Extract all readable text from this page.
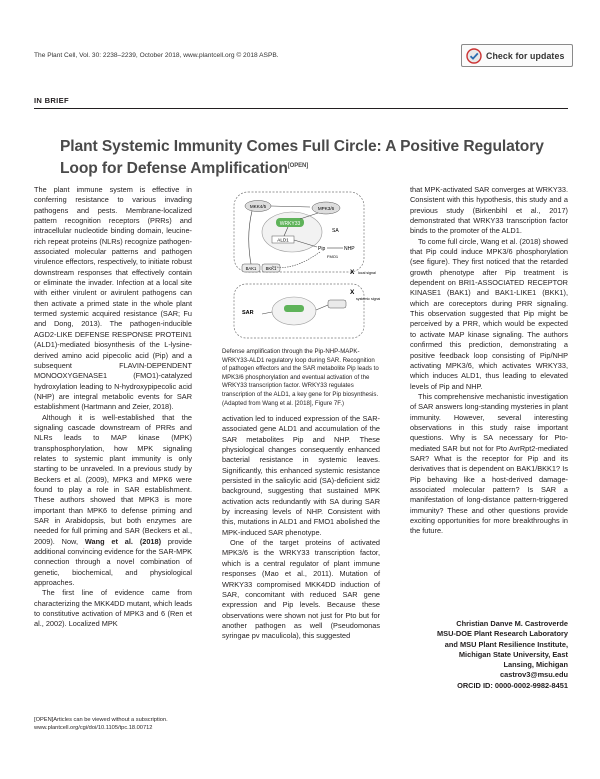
The Plant Cell, Vol. 30: 2238–2239, October 2018, www.plantcell.org © 2018 ASPB.	Check for updates
IN BRIEF
Plant Systemic Immunity Comes Full Circle: A Positive Regulatory Loop for Defense Amplification[OPEN]

The plant immune system is effective in conferring resistance to various invading pathogens and pests. Membrane-localized pattern recognition receptors (PRRs) and intracellular nucleotide binding domain, leucine-rich repeat proteins (NLRs) recognize pathogen-associated molecular patterns and pathogen virulence effectors, respectively, to initiate robust downstream responses that effectively contain or eliminate the invader. Infection at a local site with either virulent or avirulent pathogens can then activate a primed state in the whole plant termed systemic acquired resistance (SAR; Fu and Dong, 2013). The pathogen-inducible AGD2-LIKE DEFENSE RESPONSE PROTEIN1 (ALD1)-mediated biosynthesis of the L-lysine-derived amino acid pipecolic acid (Pip) and a subsequent FLAVIN-DEPENDENT MONOOXYGENASE1 (FMO1)-catalyzed hydroxylation leading to N-hydroxypipecolic acid (NHP) are integral metabolic events for SAR establishment (Hartmann and Zeier, 2018).

Although it is well-established that the signaling cascade downstream of PRRs and NLRs leads to MAP kinase (MPK) transphosphorylation, how MPK signaling relates to systemic plant immunity is only starting to be unraveled. In a previous study by Beckers et al. (2009), MPK3 and MPK6 were found to play a role in SAR establishment. These authors showed that MPK3 is more important than MPK6 to defense priming and SAR in Arabidopsis, but both enzymes are needed for full priming and SAR (Beckers et al., 2009). Now, Wang et al. (2018) provide additional convincing evidence for the SAR-MPK connection through a novel combination of genetic, biochemical, and physiological approaches.

The first line of evidence came from characterizing the MKK4DD mutant, which leads to constitutive activation of MPK3 and 6 (Ren et al., 2002). Localized MPK

WRKY33
ALD1
MPK3/6
MKK4/5
BAK1 BKK1
Pip	NHP
FMO1
SA
X local signal
SAR
X
systemic signal
Defense amplification through the Pip-NHP-MAPK-WRKY33-ALD1 regulatory loop during SAR. Recognition of pathogen effectors and the SAR metabolite Pip leads to MPK3/6 phosphorylation and eventual activation of the WRKY33 transcription factor. WRKY33 regulates transcription of the ALD1, a key gene for Pip biosynthesis. (Adapted from Wang et al. [2018], Figure 7F.)

activation led to induced expression of the SAR-associated gene ALD1 and accumulation of the SAR metabolites Pip and NHP. These physiological changes consequently enhanced bacterial resistance in systemic leaves. Significantly, this enhanced systemic resistance persisted in the salicylic acid (SA)-deficient sid2 background, suggesting that sustained MPK activation acts redundantly with SA during SAR by increasing levels of NHP. Consistent with this, mutations in ALD1 and FMO1 abolished the MPK-induced SAR phenotype.

One of the target proteins of activated MPK3/6 is the WRKY33 transcription factor, which is a central regulator of plant immune responses (Mao et al., 2011). Mutation of WRKY33 compromised MKK4DD induction of SAR, concomitant with reduced SAR gene expression and Pip levels. Because these observations were shown not just for Pto but for another pathogen as well (Pseudomonas syringae pv maculicola), this suggested

that MPK-activated SAR converges at WRKY33. Consistent with this hypothesis, this study and a previous study (Birkenbihl et al., 2017) demonstrated that WRKY33 transcription factor binds to the promoter of the ALD1.

To come full circle, Wang et al. (2018) showed that Pip could induce MPK3/6 phosphorylation (see figure). They first noticed that the retarded growth phenotype after Pip treatment is dependent on BRI1-ASSOCIATED RECEPTOR KINASE1 (BAK1) and BAK1-LIKE1 (BKK1), which are coreceptors during PRR signaling. This observation suggested that Pip might be perceived by a PRR, which would be expected to activate MAP kinase signaling. The authors confirmed this prediction, demonstrating a positive feedback loop consisting of Pip/NHP activating MPK3/6, which activates WRKY33, which induces ALD1, thus leading to elevated levels of Pip and NHP.

This comprehensive mechanistic investigation of SAR answers long-standing mysteries in plant immunity. However, several interesting observations in this study raise important questions. Why is SA necessary for Pto-mediated SAR but not for Pto AvrRpt2-mediated SAR? What is the receptor for Pip and its derivatives that is dependent on BAK1/BKK1? Is Pip behaving like a host-derived damage-associated molecular pattern? Is SAR a manifestation of long-distance pattern-triggered immunity? These and other questions provide exciting opportunities for more breakthroughs in the future.

[OPEN]Articles can be viewed without a subscription.
www.plantcell.org/cgi/doi/10.1105/tpc.18.00712
Christian Danve M. Castroverde
MSU-DOE Plant Research Laboratory
and MSU Plant Resilience Institute,
Michigan State University, East
Lansing, Michigan
castrov3@msu.edu
ORCID ID: 0000-0002-9982-8451
